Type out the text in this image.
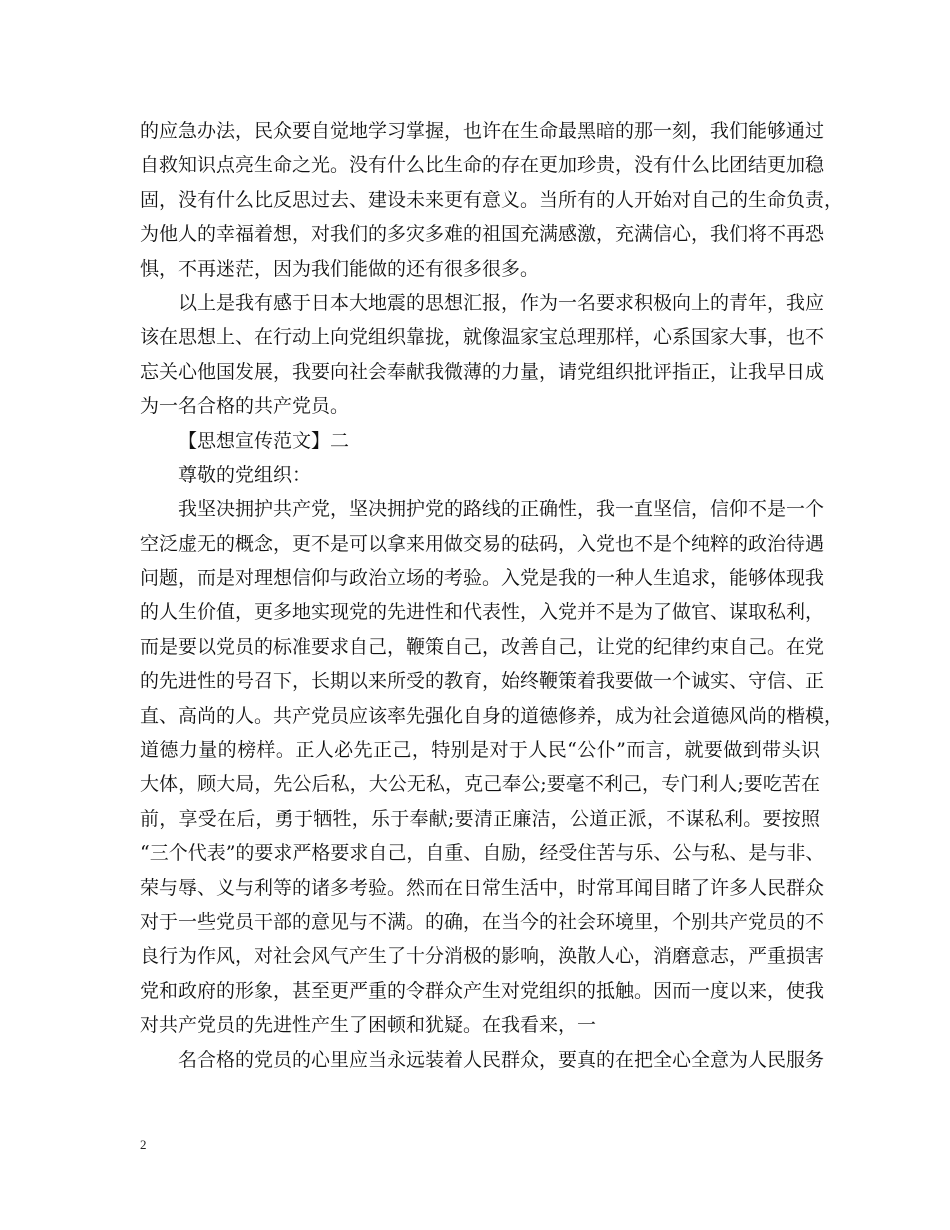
的应急办法，民众要自觉地学习掌握，也许在生命最黑暗的那一刻，我们能够通过
自救知识点亮生命之光。没有什么比生命的存在更加珍贵，没有什么比团结更加稳
固，没有什么比反思过去、建设未来更有意义。当所有的人开始对自己的生命负责，
为他人的幸福着想，对我们的多灾多难的祖国充满感激，充满信心，我们将不再恐
惧，不再迷茫，因为我们能做的还有很多很多。
以上是我有感于日本大地震的思想汇报，作为一名要求积极向上的青年，我应
该在思想上、在行动上向党组织靠拢，就像温家宝总理那样，心系国家大事，也不
忘关心他国发展，我要向社会奉献我微薄的力量，请党组织批评指正，让我早日成
为一名合格的共产党员。
【思想宣传范文】二
尊敬的党组织：
我坚决拥护共产党，坚决拥护党的路线的正确性，我一直坚信，信仰不是一个
空泛虚无的概念，更不是可以拿来用做交易的砝码，入党也不是个纯粹的政治待遇
问题，而是对理想信仰与政治立场的考验。入党是我的一种人生追求，能够体现我
的人生价值，更多地实现党的先进性和代表性，入党并不是为了做官、谋取私利，
而是要以党员的标准要求自己，鞭策自己，改善自己，让党的纪律约束自己。在党
的先进性的号召下，长期以来所受的教育，始终鞭策着我要做一个诚实、守信、正
直、高尚的人。共产党员应该率先强化自身的道德修养，成为社会道德风尚的楷模，
道德力量的榜样。正人必先正己，特别是对于人民“公仆”而言，就要做到带头识
大体，顾大局，先公后私，大公无私，克己奉公;要毫不利己，专门利人;要吃苦在
前，享受在后，勇于牺牲，乐于奉献;要清正廉洁，公道正派，不谋私利。要按照
“三个代表”的要求严格要求自己，自重、自励，经受住苦与乐、公与私、是与非、
荣与辱、义与利等的诸多考验。然而在日常生活中，时常耳闻目睹了许多人民群众
对于一些党员干部的意见与不满。的确，在当今的社会环境里，个别共产党员的不
良行为作风，对社会风气产生了十分消极的影响，涣散人心，消磨意志，严重损害
党和政府的形象，甚至更严重的令群众产生对党组织的抵触。因而一度以来，使我
对共产党员的先进性产生了困顿和犹疑。在我看来，一
名合格的党员的心里应当永远装着人民群众，要真的在把全心全意为人民服务
2
